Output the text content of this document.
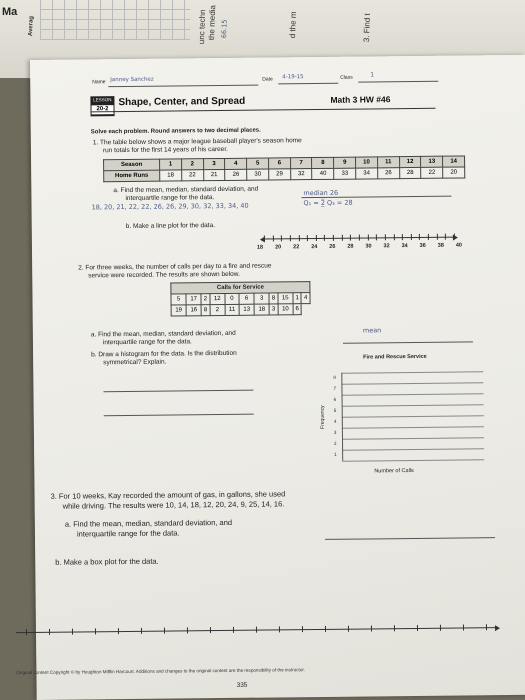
Ma
Averag	unc techn the media 66.15	d the m	3. Find t
Name Janney Sanchez	Date 4-19-15	Class	1
LESSON
20-2
Shape, Center, and Spread	Math 3 HW #46
Solve each problem. Round answers to two decimal places.
1. The table below shows a major league baseball player's season home
run totals for the first 14 years of his career.
Season	1	2	3	4	5	6	7	8	9	10	11	12	13	14
Home Runs	18	22	21	26	30	29	32	40	33	34	26	28	22	20
a. Find the mean, median, standard deviation, and
interquartile range for the data.
18, 20, 21, 22, 22, 26, 26, 29, 30, 32, 33, 34, 40
median 26
Q₁ = 2̲̅ Q₃ = 28
b. Make a line plot for the data.
18 20 22 24 26 28 30 32 34 36 38 40
2. For three weeks, the number of calls per day to a fire and rescue
service were recorded. The results are shown below.
Calls for Service
5	17	2	12	0	6	3	8	15	1	4
19	16	8	2	11	13	18	3	10	6	
a. Find the mean, median, standard deviation, and
interquartile range for the data.
mean
b. Draw a histogram for the data. Is the distribution
symmetrical? Explain.
Fire and Rescue Service
8
7
6
5
4
3
2
1
Frequency
Number of Calls
3. For 10 weeks, Kay recorded the amount of gas, in gallons, she used
while driving. The results were 10, 14, 18, 12, 20, 24, 9, 25, 14, 16.
a. Find the mean, median, standard deviation, and
interquartile range for the data.
b. Make a box plot for the data.
Original content Copyright © by Houghton Mifflin Harcourt. Additions and changes to the original content are the responsibility of the instructor.
335
